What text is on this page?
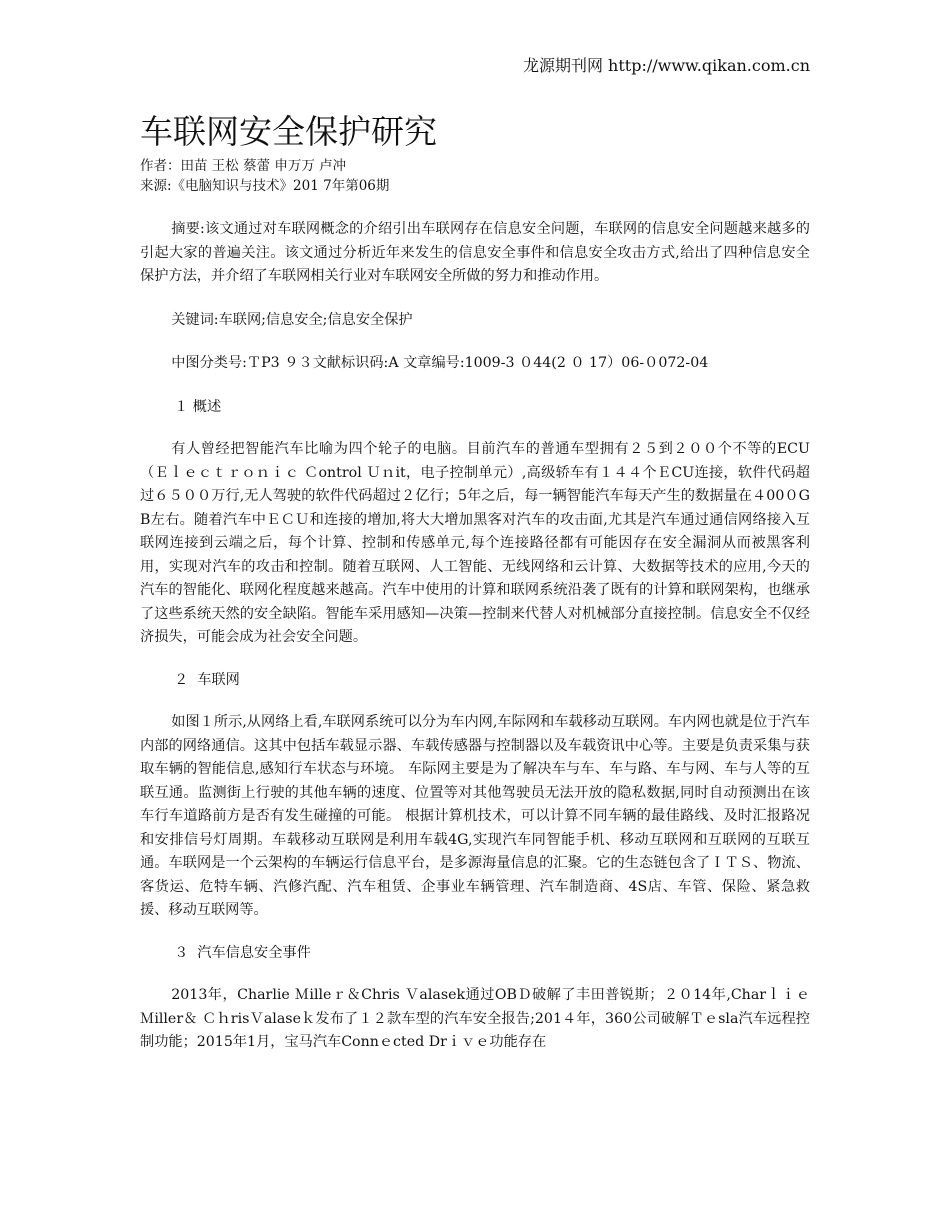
龙源期刊网 http://www.qikan.com.cn
车联网安全保护研究

作者：田苗 王松 蔡蕾 申万万 卢冲

来源:《电脑知识与技术》201 7年第06期

摘要:该文通过对车联网概念的介绍引出车联网存在信息安全问题，车联网的信息安全问题越来越多的引起大家的普遍关注。该文通过分析近年来发生的信息安全事件和信息安全攻击方式,给出了四种信息安全保护方法，并介绍了车联网相关行业对车联网安全所做的努力和推动作用。

关键词:车联网;信息安全;信息安全保护

中图分类号:ＴP3 ９３文献标识码:A 文章编号:1009-3 ０44(2 ０ 17）06-０072-04

１ 概述

有人曾经把智能汽车比喻为四个轮子的电脑。目前汽车的普通车型拥有２５到２００个不等的ECU（Ｅｌｅｃｔｒｏｎｉｃ Ｃontrol Ｕｎit，电子控制单元）,高级轿车有１４４个ＥCU连接，软件代码超过６５００万行,无人驾驶的软件代码超过２亿行；5年之后，每一辆智能汽车每天产生的数据量在４00０GB左右。随着汽车中ＥＣＵ和连接的增加,将大大增加黑客对汽车的攻击面,尤其是汽车通过通信网络接入互联网连接到云端之后，每个计算、控制和传感单元,每个连接路径都有可能因存在安全漏洞从而被黑客利用，实现对汽车的攻击和控制。随着互联网、人工智能、无线网络和云计算、大数据等技术的应用,今天的汽车的智能化、联网化程度越来越高。汽车中使用的计算和联网系统沿袭了既有的计算和联网架构，也继承了这些系统天然的安全缺陷。智能车采用感知—决策—控制来代替人对机械部分直接控制。信息安全不仅经济损失，可能会成为社会安全问题。

２  车联网

如图１所示,从网络上看,车联网系统可以分为车内网,车际网和车载移动互联网。车内网也就是位于汽车内部的网络通信。这其中包括车载显示器、车载传感器与控制器以及车载资讯中心等。主要是负责采集与获取车辆的智能信息,感知行车状态与环境。 车际网主要是为了解决车与车、车与路、车与网、车与人等的互联互通。监测街上行驶的其他车辆的速度、位置等对其他驾驶员无法开放的隐私数据,同时自动预测出在该车行车道路前方是否有发生碰撞的可能。 根据计算机技术，可以计算不同车辆的最佳路线、及时汇报路况和安排信号灯周期。车载移动互联网是利用车载4G,实现汽车同智能手机、移动互联网和互联网的互联互通。车联网是一个云架构的车辆运行信息平台，是多源海量信息的汇聚。它的生态链包含了ＩＴＳ、物流、客货运、危特车辆、汽修汽配、汽车租赁、企事业车辆管理、汽车制造商、4S店、车管、保险、紧急救援、移动互联网等。

３  汽车信息安全事件

2013年，Charlie Ｍilleｒ＆Chris Ｖalasek通过OBＤ破解了丰田普锐斯；２０14年,Charｌｉｅ Ｍiller＆ ＣｈrisＶalaseｋ发布了１２款车型的汽车安全报告;201４年，360公司破解Ｔｅsla汽车远程控制功能；2015年1月，宝马汽车Connｅcted Drｉｖｅ功能存在
